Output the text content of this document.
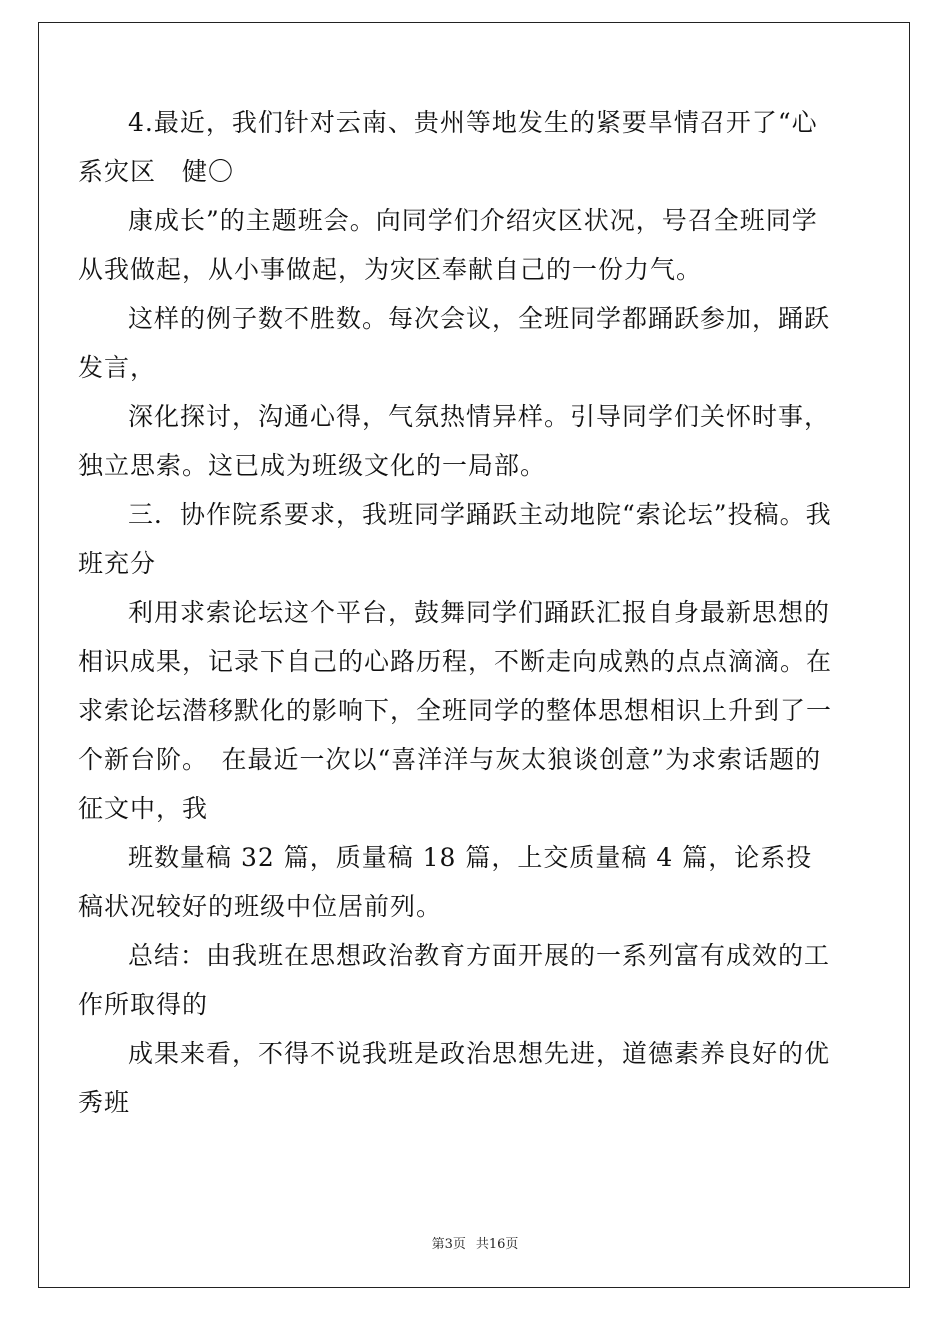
4.最近，我们针对云南、贵州等地发生的紧要旱情召开了“心系灾区　健〇

康成长”的主题班会。向同学们介绍灾区状况，号召全班同学从我做起，从小事做起，为灾区奉献自己的一份力气。

这样的例子数不胜数。每次会议，全班同学都踊跃参加，踊跃发言，

深化探讨，沟通心得，气氛热情异样。引导同学们关怀时事，独立思索。这已成为班级文化的一局部。

三．协作院系要求，我班同学踊跃主动地院“索论坛”投稿。我班充分

利用求索论坛这个平台，鼓舞同学们踊跃汇报自身最新思想的相识成果，记录下自己的心路历程，不断走向成熟的点点滴滴。在求索论坛潜移默化的影响下，全班同学的整体思想相识上升到了一个新台阶。　在最近一次以“喜洋洋与灰太狼谈创意”为求索话题的征文中，我

班数量稿 32 篇，质量稿 18 篇，上交质量稿 4 篇，论系投稿状况较好的班级中位居前列。

总结：由我班在思想政治教育方面开展的一系列富有成效的工作所取得的

成果来看，不得不说我班是政治思想先进，道德素养良好的优秀班

第3页 共16页
